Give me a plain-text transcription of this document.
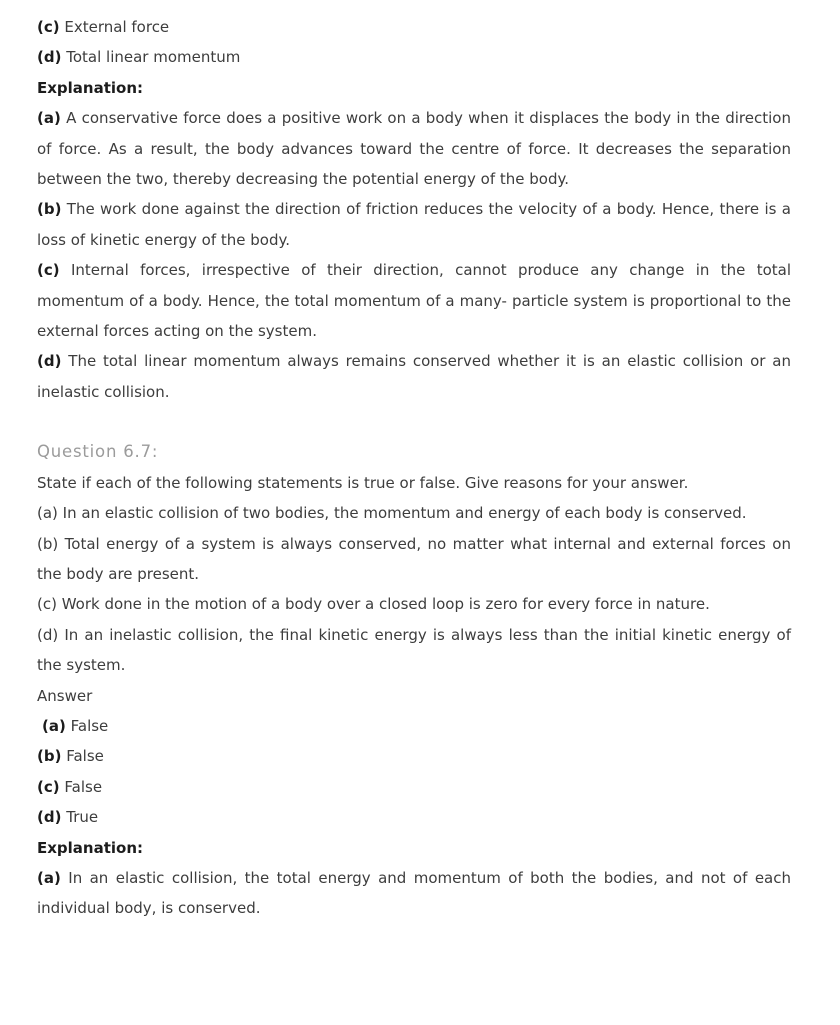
(c) External force

(d) Total linear momentum

Explanation:

(a) A conservative force does a positive work on a body when it displaces the body in the direction of force. As a result, the body advances toward the centre of force. It decreases the separation between the two, thereby decreasing the potential energy of the body.

(b) The work done against the direction of friction reduces the velocity of a body. Hence, there is a loss of kinetic energy of the body.

(c) Internal forces, irrespective of their direction, cannot produce any change in the total momentum of a body. Hence, the total momentum of a many- particle system is proportional to the external forces acting on the system.

(d) The total linear momentum always remains conserved whether it is an elastic collision or an inelastic collision.

Question 6.7:

State if each of the following statements is true or false. Give reasons for your answer.

(a) In an elastic collision of two bodies, the momentum and energy of each body is conserved.

(b) Total energy of a system is always conserved, no matter what internal and external forces on the body are present.

(c) Work done in the motion of a body over a closed loop is zero for every force in nature.

(d) In an inelastic collision, the final kinetic energy is always less than the initial kinetic energy of the system.

Answer

(a) False

(b) False

(c) False

(d) True

Explanation:

(a) In an elastic collision, the total energy and momentum of both the bodies, and not of each individual body, is conserved.
